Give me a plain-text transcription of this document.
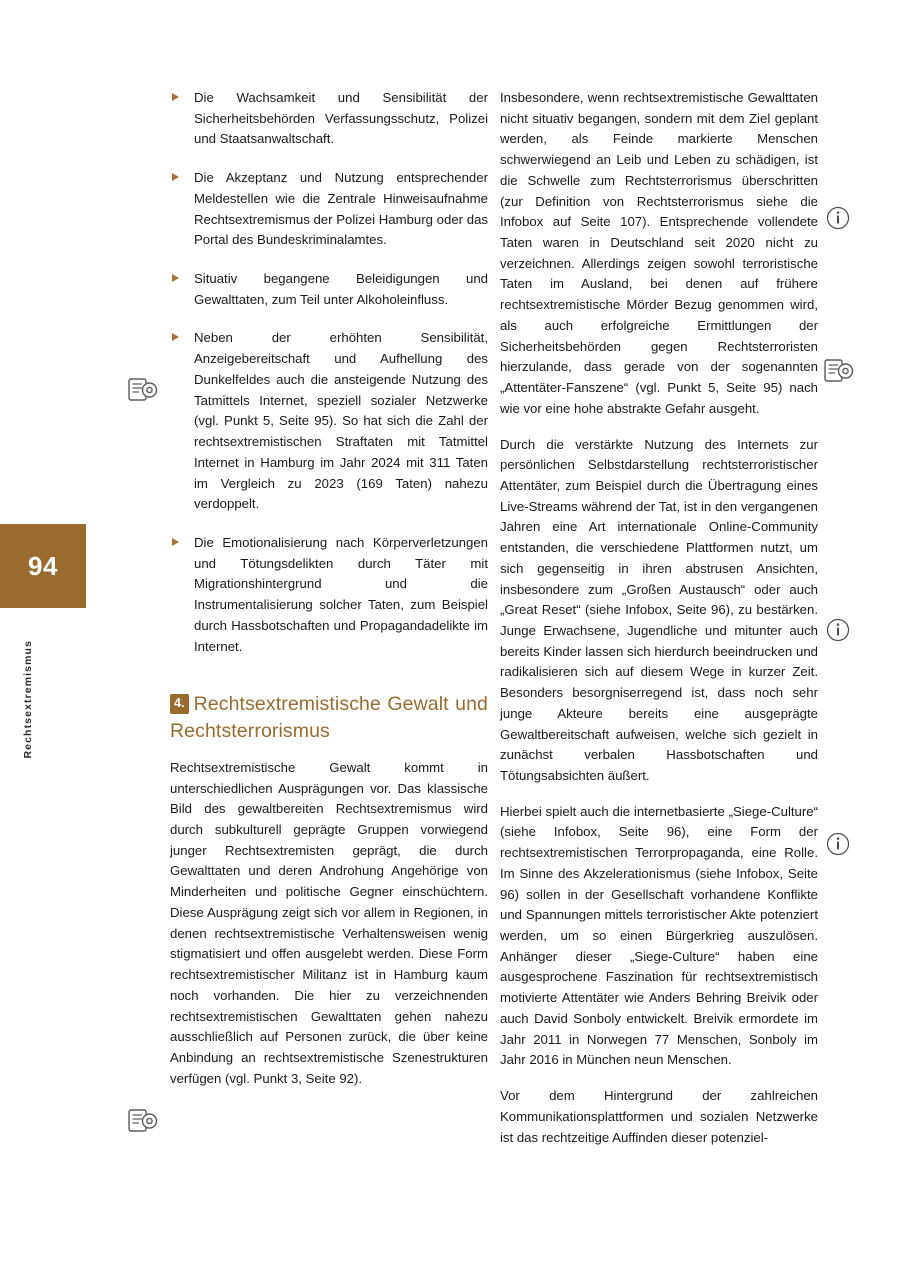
94
Rechtsextremismus
Die Wachsamkeit und Sensibilität der Sicherheitsbehörden Verfassungsschutz, Polizei und Staatsanwaltschaft.
Die Akzeptanz und Nutzung entsprechender Meldestellen wie die Zentrale Hinweisaufnahme Rechtsextremismus der Polizei Hamburg oder das Portal des Bundeskriminalamtes.
Situativ begangene Beleidigungen und Gewalttaten, zum Teil unter Alkoholeinfluss.
Neben der erhöhten Sensibilität, Anzeigebereitschaft und Aufhellung des Dunkelfeldes auch die ansteigende Nutzung des Tatmittels Internet, speziell sozialer Netzwerke (vgl. Punkt 5, Seite 95). So hat sich die Zahl der rechtsextremistischen Straftaten mit Tatmittel Internet in Hamburg im Jahr 2024 mit 311 Taten im Vergleich zu 2023 (169 Taten) nahezu verdoppelt.
Die Emotionalisierung nach Körperverletzungen und Tötungsdelikten durch Täter mit Migrationshintergrund und die Instrumentalisierung solcher Taten, zum Beispiel durch Hassbotschaften und Propagandadelikte im Internet.
4. Rechtsextremistische Gewalt und Rechtsterrorismus

Rechtsextremistische Gewalt kommt in unterschiedlichen Ausprägungen vor. Das klassische Bild des gewaltbereiten Rechtsextremismus wird durch subkulturell geprägte Gruppen vorwiegend junger Rechtsextremisten geprägt, die durch Gewalttaten und deren Androhung Angehörige von Minderheiten und politische Gegner einschüchtern. Diese Ausprägung zeigt sich vor allem in Regionen, in denen rechtsextremistische Verhaltensweisen wenig stigmatisiert und offen ausgelebt werden. Diese Form rechtsextremistischer Militanz ist in Hamburg kaum noch vorhanden. Die hier zu verzeichnenden rechtsextremistischen Gewalttaten gehen nahezu ausschließlich auf Personen zurück, die über keine Anbindung an rechtsextremistische Szenestrukturen verfügen (vgl. Punkt 3, Seite 92).

Insbesondere, wenn rechtsextremistische Gewalttaten nicht situativ begangen, sondern mit dem Ziel geplant werden, als Feinde markierte Menschen schwerwiegend an Leib und Leben zu schädigen, ist die Schwelle zum Rechtsterrorismus überschritten (zur Definition von Rechtsterrorismus siehe die Infobox auf Seite 107). Entsprechende vollendete Taten waren in Deutschland seit 2020 nicht zu verzeichnen. Allerdings zeigen sowohl terroristische Taten im Ausland, bei denen auf frühere rechtsextremistische Mörder Bezug genommen wird, als auch erfolgreiche Ermittlungen der Sicherheitsbehörden gegen Rechtsterroristen hierzulande, dass gerade von der sogenannten „Attentäter-Fanszene“ (vgl. Punkt 5, Seite 95) nach wie vor eine hohe abstrakte Gefahr ausgeht.

Durch die verstärkte Nutzung des Internets zur persönlichen Selbstdarstellung rechtsterroristischer Attentäter, zum Beispiel durch die Übertragung eines Live-Streams während der Tat, ist in den vergangenen Jahren eine Art internationale Online-Community entstanden, die verschiedene Plattformen nutzt, um sich gegenseitig in ihren abstrusen Ansichten, insbesondere zum „Großen Austausch“ oder auch „Great Reset“ (siehe Infobox, Seite 96), zu bestärken. Junge Erwachsene, Jugendliche und mitunter auch bereits Kinder lassen sich hierdurch beeindrucken und radikalisieren sich auf diesem Wege in kurzer Zeit. Besonders besorgniserregend ist, dass noch sehr junge Akteure bereits eine ausgeprägte Gewaltbereitschaft aufweisen, welche sich gezielt in zunächst verbalen Hassbotschaften und Tötungsabsichten äußert.

Hierbei spielt auch die internetbasierte „Siege-Culture“ (siehe Infobox, Seite 96), eine Form der rechtsextremistischen Terrorpropaganda, eine Rolle. Im Sinne des Akzelerationismus (siehe Infobox, Seite 96) sollen in der Gesellschaft vorhandene Konflikte und Spannungen mittels terroristischer Akte potenziert werden, um so einen Bürgerkrieg auszulösen. Anhänger dieser „Siege-Culture“ haben eine ausgesprochene Faszination für rechtsextremistisch motivierte Attentäter wie Anders Behring Breivik oder auch David Sonboly entwickelt. Breivik ermordete im Jahr 2011 in Norwegen 77 Menschen, Sonboly im Jahr 2016 in München neun Menschen.

Vor dem Hintergrund der zahlreichen Kommunikationsplattformen und sozialen Netzwerke ist das rechtzeitige Auffinden dieser potenziel-
